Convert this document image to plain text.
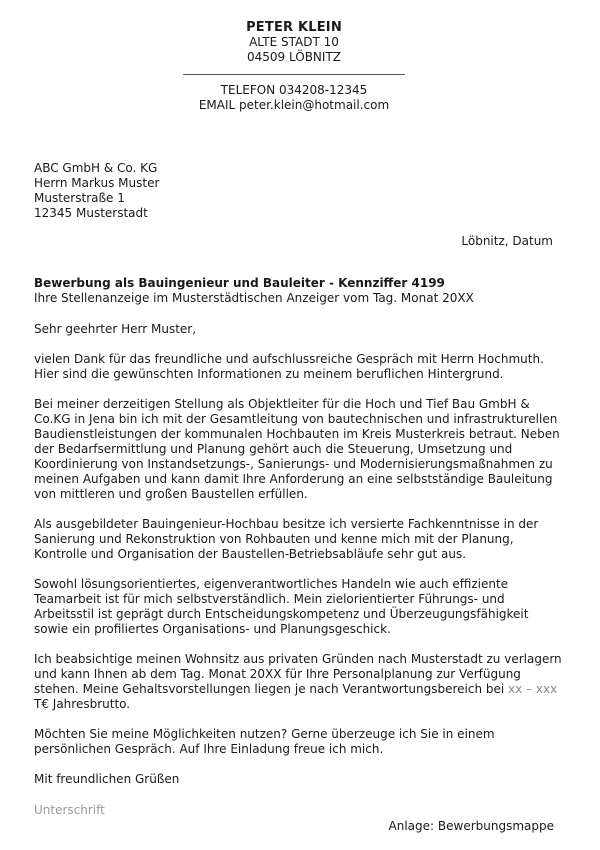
PETER KLEIN
ALTE STADT 10
04509 LÖBNITZ
TELEFON 034208-12345
EMAIL peter.klein@hotmail.com
ABC GmbH & Co. KG
Herrn Markus Muster
Musterstraße 1
12345 Musterstadt
Löbnitz, Datum
Bewerbung als Bauingenieur und Bauleiter - Kennziffer 4199
Ihre Stellenanzeige im Musterstädtischen Anzeiger vom Tag. Monat 20XX

Sehr geehrter Herr Muster,

vielen Dank für das freundliche und aufschlussreiche Gespräch mit Herrn Hochmuth. Hier sind die gewünschten Informationen zu meinem beruflichen Hintergrund.

Bei meiner derzeitigen Stellung als Objektleiter für die Hoch und Tief Bau GmbH & Co.KG in Jena bin ich mit der Gesamtleitung von bautechnischen und infrastrukturellen Baudienstleistungen der kommunalen Hochbauten im Kreis Musterkreis betraut. Neben der Bedarfsermittlung und Planung gehört auch die Steuerung, Umsetzung und Koordinierung von Instandsetzungs-, Sanierungs- und Modernisierungsmaßnahmen zu meinen Aufgaben und kann damit Ihre Anforderung an eine selbstständige Bauleitung von mittleren und großen Baustellen erfüllen.

Als ausgebildeter Bauingenieur-Hochbau besitze ich versierte Fachkenntnisse in der Sanierung und Rekonstruktion von Rohbauten und kenne mich mit der Planung, Kontrolle und Organisation der Baustellen-Betriebsabläufe sehr gut aus.

Sowohl lösungsorientiertes, eigenverantwortliches Handeln wie auch effiziente Teamarbeit ist für mich selbstverständlich. Mein zielorientierter Führungs- und Arbeitsstil ist geprägt durch Entscheidungskompetenz und Überzeugungsfähigkeit sowie ein profiliertes Organisations- und Planungsgeschick.

Ich beabsichtige meinen Wohnsitz aus privaten Gründen nach Musterstadt zu verlagern und kann Ihnen ab dem Tag. Monat 20XX für Ihre Personalplanung zur Verfügung stehen. Meine Gehaltsvorstellungen liegen je nach Verantwortungsbereich bei xx – xxx T€ Jahresbrutto.

Möchten Sie meine Möglichkeiten nutzen? Gerne überzeuge ich Sie in einem persönlichen Gespräch. Auf Ihre Einladung freue ich mich.

Mit freundlichen Grüßen

Unterschrift
Anlage: Bewerbungsmappe
